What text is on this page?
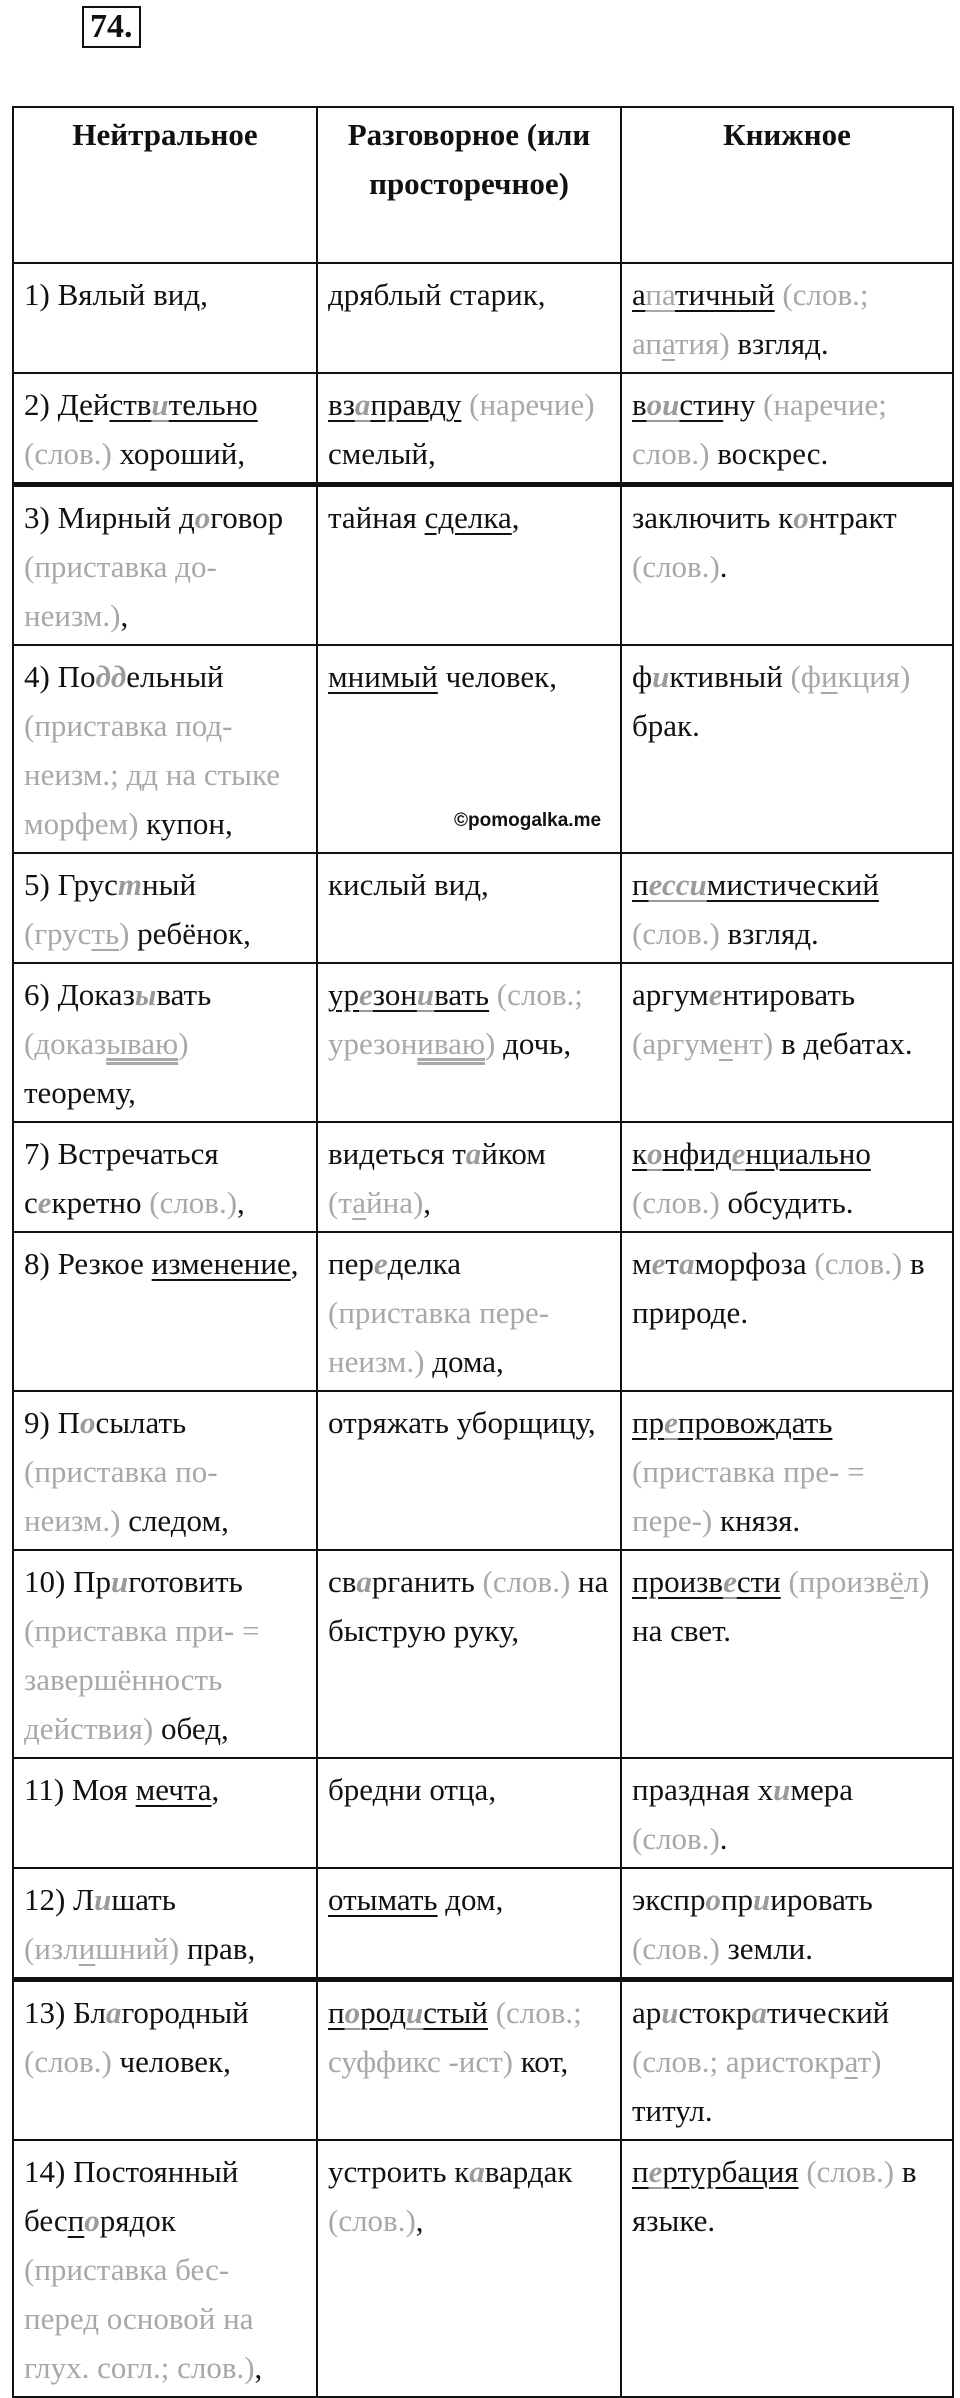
74.
Нейтральное	Разговорное (или просторечное)	Книжное
1) Вялый вид,	дряблый старик,	апатичный (слов.; апатия) взгляд.
2) Действительно (слов.) хороший,	взаправду (наречие) смелый,	воистину (наречие; слов.) воскрес.
3) Мирный договор (приставка до- неизм.),	тайная сделка,	заключить контракт (слов.).
4) Поддельный (приставка под- неизм.; дд на стыке морфем) купон,	мнимый человек,	фиктивный (фикция) брак.
5) Грустный (грусть) ребёнок,	кислый вид,	пессимистический (слов.) взгляд.
6) Доказывать (доказываю) теорему,	урезонивать (слов.; урезониваю) дочь,	аргументировать (аргумент) в дебатах.
7) Встречаться секретно (слов.),	видеться тайком (тайна),	конфиденциально (слов.) обсудить.
8) Резкое изменение,	переделка (приставка пере- неизм.) дома,	метаморфоза (слов.) в природе.
9) Посылать (приставка по- неизм.) следом,	отряжать уборщицу,	препровождать (приставка пре- = пере-) князя.
10) Приготовить (приставка при- = завершённость действия) обед,	сварганить (слов.) на быструю руку,	произвести (произвёл) на свет.
11) Моя мечта,	бредни отца,	праздная химера (слов.).
12) Лишать (излишний) прав,	отымать дом,	экспроприировать (слов.) земли.
13) Благородный (слов.) человек,	породистый (слов.; суффикс -ист) кот,	аристократический (слов.; аристократ) титул.
14) Постоянный беспорядок (приставка бес- перед основой на глух. согл.; слов.),	устроить кавардак (слов.),	пертурбация (слов.) в языке.
©pomogalka.me
